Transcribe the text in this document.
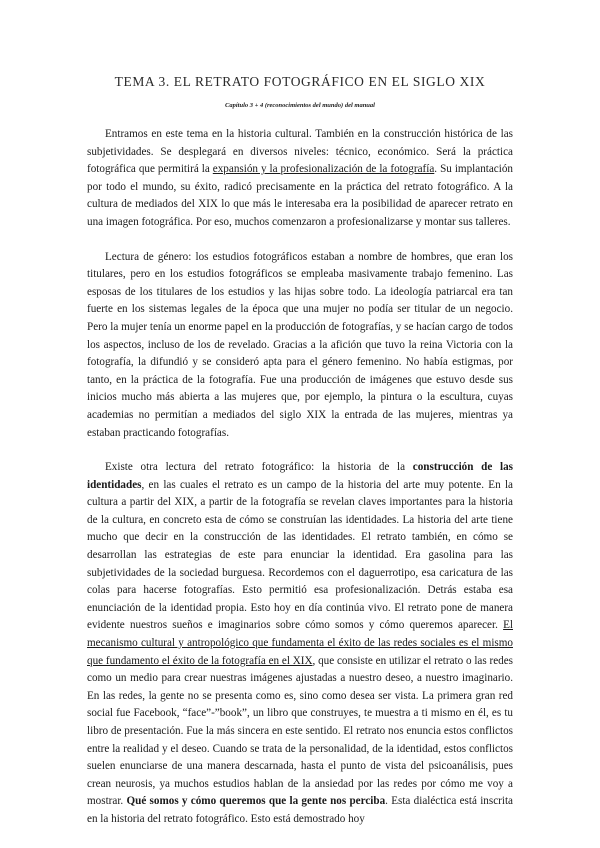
TEMA 3. EL RETRATO FOTOGRÁFICO EN EL SIGLO XIX
Capítulo 3 + 4 (reconocimientos del mundo) del manual

Entramos en este tema en la historia cultural. También en la construcción histórica de las subjetividades. Se desplegará en diversos niveles: técnico, económico. Será la práctica fotográfica que permitirá la expansión y la profesionalización de la fotografía. Su implantación por todo el mundo, su éxito, radicó precisamente en la práctica del retrato fotográfico. A la cultura de mediados del XIX lo que más le interesaba era la posibilidad de aparecer retrato en una imagen fotográfica. Por eso, muchos comenzaron a profesionalizarse y montar sus talleres.

Lectura de género: los estudios fotográficos estaban a nombre de hombres, que eran los titulares, pero en los estudios fotográficos se empleaba masivamente trabajo femenino. Las esposas de los titulares de los estudios y las hijas sobre todo. La ideología patriarcal era tan fuerte en los sistemas legales de la época que una mujer no podía ser titular de un negocio. Pero la mujer tenía un enorme papel en la producción de fotografías, y se hacían cargo de todos los aspectos, incluso de los de revelado. Gracias a la afición que tuvo la reina Victoria con la fotografía, la difundió y se consideró apta para el género femenino. No había estigmas, por tanto, en la práctica de la fotografía. Fue una producción de imágenes que estuvo desde sus inicios mucho más abierta a las mujeres que, por ejemplo, la pintura o la escultura, cuyas academias no permitían a mediados del siglo XIX la entrada de las mujeres, mientras ya estaban practicando fotografías.

Existe otra lectura del retrato fotográfico: la historia de la construcción de las identidades, en las cuales el retrato es un campo de la historia del arte muy potente. En la cultura a partir del XIX, a partir de la fotografía se revelan claves importantes para la historia de la cultura, en concreto esta de cómo se construían las identidades. La historia del arte tiene mucho que decir en la construcción de las identidades. El retrato también, en cómo se desarrollan las estrategias de este para enunciar la identidad. Era gasolina para las subjetividades de la sociedad burguesa. Recordemos con el daguerrotipo, esa caricatura de las colas para hacerse fotografías. Esto permitió esa profesionalización. Detrás estaba esa enunciación de la identidad propia. Esto hoy en día continúa vivo. El retrato pone de manera evidente nuestros sueños e imaginarios sobre cómo somos y cómo queremos aparecer. El mecanismo cultural y antropológico que fundamenta el éxito de las redes sociales es el mismo que fundamento el éxito de la fotografía en el XIX, que consiste en utilizar el retrato o las redes como un medio para crear nuestras imágenes ajustadas a nuestro deseo, a nuestro imaginario. En las redes, la gente no se presenta como es, sino como desea ser vista. La primera gran red social fue Facebook, “face”-”book”, un libro que construyes, te muestra a ti mismo en él, es tu libro de presentación. Fue la más sincera en este sentido. El retrato nos enuncia estos conflictos entre la realidad y el deseo. Cuando se trata de la personalidad, de la identidad, estos conflictos suelen enunciarse de una manera descarnada, hasta el punto de vista del psicoanálisis, pues crean neurosis, ya muchos estudios hablan de la ansiedad por las redes por cómo me voy a mostrar. Qué somos y cómo queremos que la gente nos perciba. Esta dialéctica está inscrita en la historia del retrato fotográfico. Esto está demostrado hoy
